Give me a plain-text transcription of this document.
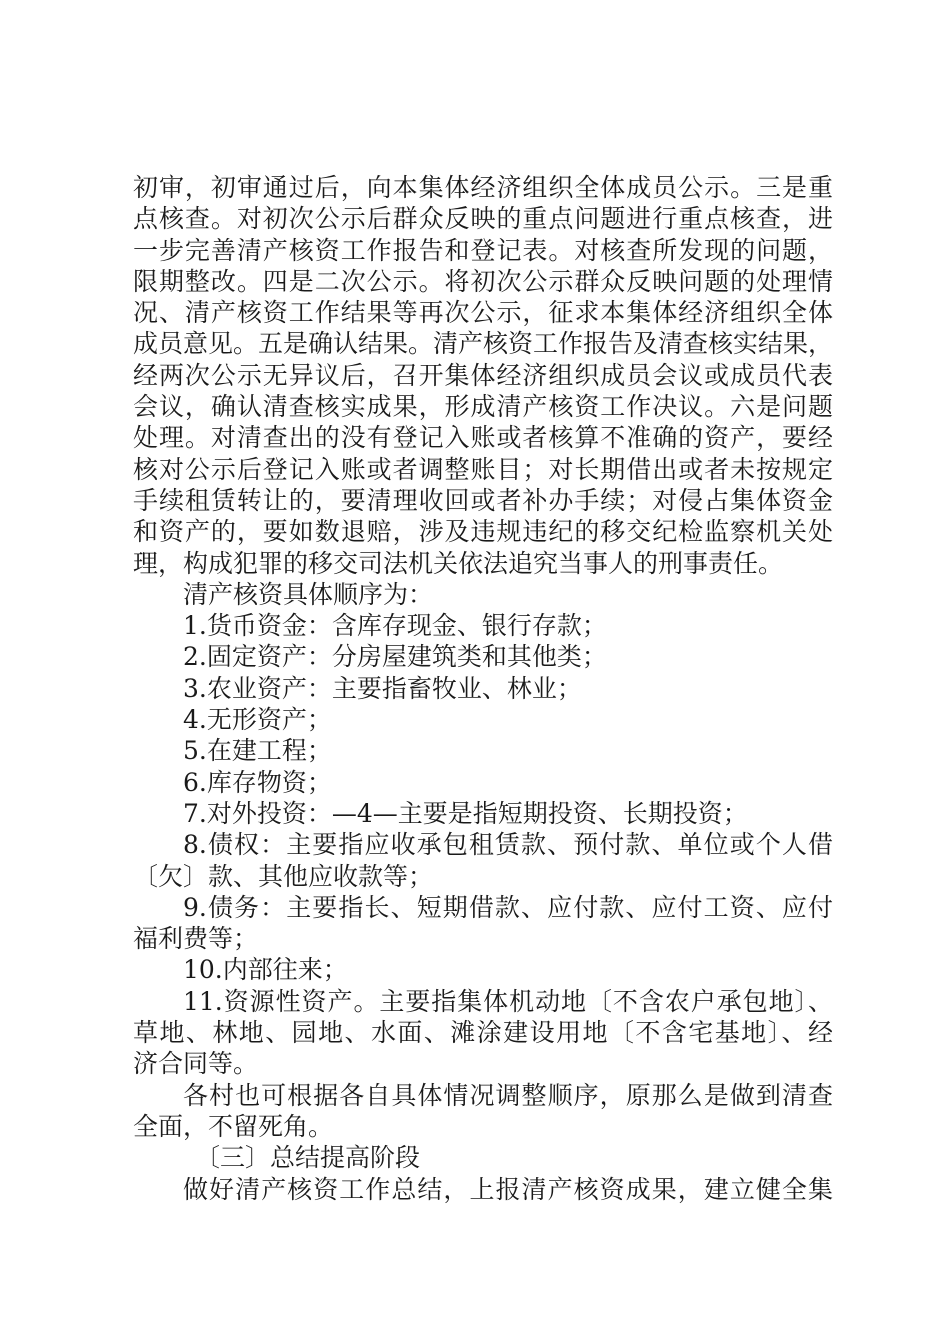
初审，初审通过后，向本集体经济组织全体成员公示。三是重
点核查。对初次公示后群众反映的重点问题进行重点核查，进
一步完善清产核资工作报告和登记表。对核查所发现的问题，
限期整改。四是二次公示。将初次公示群众反映问题的处理情
况、清产核资工作结果等再次公示，征求本集体经济组织全体
成员意见。五是确认结果。清产核资工作报告及清查核实结果，
经两次公示无异议后，召开集体经济组织成员会议或成员代表
会议，确认清查核实成果，形成清产核资工作决议。六是问题
处理。对清查出的没有登记入账或者核算不准确的资产，要经
核对公示后登记入账或者调整账目；对长期借出或者未按规定
手续租赁转让的，要清理收回或者补办手续；对侵占集体资金
和资产的，要如数退赔，涉及违规违纪的移交纪检监察机关处
理，构成犯罪的移交司法机关依法追究当事人的刑事责任。
清产核资具体顺序为：
1.货币资金：含库存现金、银行存款；
2.固定资产：分房屋建筑类和其他类；
3.农业资产：主要指畜牧业、林业；
4.无形资产；
5.在建工程；
6.库存物资；
7.对外投资：—4—主要是指短期投资、长期投资；
8.债权：主要指应收承包租赁款、预付款、单位或个人借
〔欠〕款、其他应收款等；
9.债务：主要指长、短期借款、应付款、应付工资、应付
福利费等；
10.内部往来；
11.资源性资产。主要指集体机动地〔不含农户承包地〕、
草地、林地、园地、水面、滩涂建设用地〔不含宅基地〕、经
济合同等。
各村也可根据各自具体情况调整顺序，原那么是做到清查
全面，不留死角。
〔三〕总结提高阶段
做好清产核资工作总结，上报清产核资成果，建立健全集
